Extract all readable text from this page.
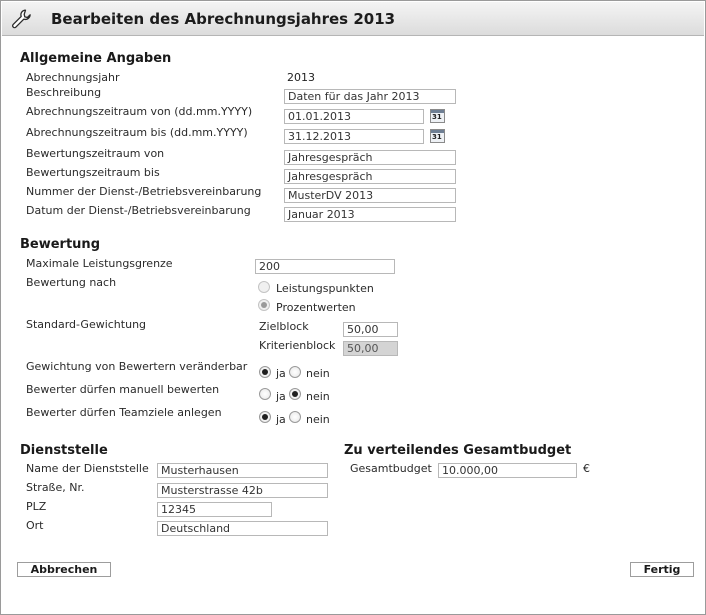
Bearbeiten des Abrechnungsjahres 2013
Allgemeine Angaben
Abrechnungsjahr	2013
Beschreibung	Daten für das Jahr 2013
Abrechnungszeitraum von (dd.mm.YYYY)	01.01.2013	31
Abrechnungszeitraum bis (dd.mm.YYYY)	31.12.2013	31
Bewertungszeitraum von	Jahresgespräch
Bewertungszeitraum bis	Jahresgespräch
Nummer der Dienst-/Betriebsvereinbarung	MusterDV 2013
Datum der Dienst-/Betriebsvereinbarung	Januar 2013
Bewertung
Maximale Leistungsgrenze	200
Bewertung nach	Leistungspunkten
Prozentwerten
Standard-Gewichtung	Zielblock	50,00
Kriterienblock	50,00
Gewichtung von Bewertern veränderbar
ja nein
Bewerter dürfen manuell bewerten
ja nein
Bewerter dürfen Teamziele anlegen
ja nein
Dienststelle
Name der Dienststelle	Musterhausen
Straße, Nr.	Musterstrasse 42b
PLZ	12345
Ort	Deutschland
Zu verteilendes Gesamtbudget
Gesamtbudget 10.000,00	€
Abbrechen	Fertig
